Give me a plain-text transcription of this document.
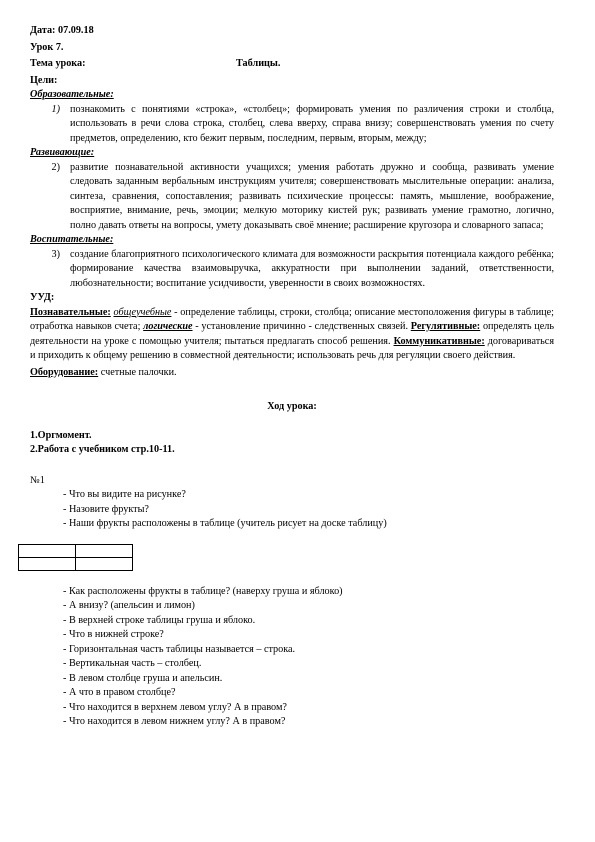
Дата: 07.09.18
Урок 7.
Тема урока:	Таблицы.
Цели:
Образовательные:
1) познакомить с понятиями «строка», «столбец»; формировать умения по различения строки и столбца, использовать в речи слова строка, столбец, слева вверху, справа внизу; совершенствовать умения по счету предметов, определению, кто бежит первым, последним, первым, вторым, между;
Развивающие:
2) развитие познавательной активности учащихся; умения работать дружно и сообща, развивать умение следовать заданным вербальным инструкциям учителя; совершенствовать мыслительные операции: анализа, синтеза, сравнения, сопоставления; развивать психические процессы: память, мышление, воображение, восприятие, внимание, речь, эмоции; мелкую моторику кистей рук; развивать умение грамотно, логично, полно давать ответы на вопросы, умету доказывать своё мнение; расширение кругозора и словарного запаса;
Воспитательные:
3) создание благоприятного психологического климата для возможности раскрытия потенциала каждого ребёнка; формирование качества взаимовыручка, аккуратности при выполнении заданий, ответственности, любознательности; воспитание усидчивости, уверенности в своих возможностях.
УУД:
Познавательные: общеучебные - определение таблицы, строки, столбца; описание местоположения фигуры в таблице; отработка навыков счета; логические - установление причинно - следственных связей. Регулятивные: определять цель деятельности на уроке с помощью учителя; пытаться предлагать способ решения. Коммуникативные: договариваться и приходить к общему решению в совместной деятельности; использовать речь для регуляции своего действия.
Оборудование: счетные палочки.
Ход урока:
1.Оргмомент.
2.Работа с учебником стр.10-11.
№1
- Что вы видите на рисунке?
- Назовите фрукты?
- Наши фрукты расположены в таблице (учитель рисует на доске таблицу)

- Как расположены фрукты в таблице? (наверху груша и яблоко)
- А внизу? (апельсин и лимон)
- В верхней строке таблицы груша и яблоко.
- Что в нижней строке?
- Горизонтальная часть таблицы называется – строка.
- Вертикальная часть – столбец.
- В левом столбце груша и апельсин.
- А что в правом столбце?
- Что находится в верхнем левом углу? А в правом?
- Что находится в левом нижнем углу? А в правом?
